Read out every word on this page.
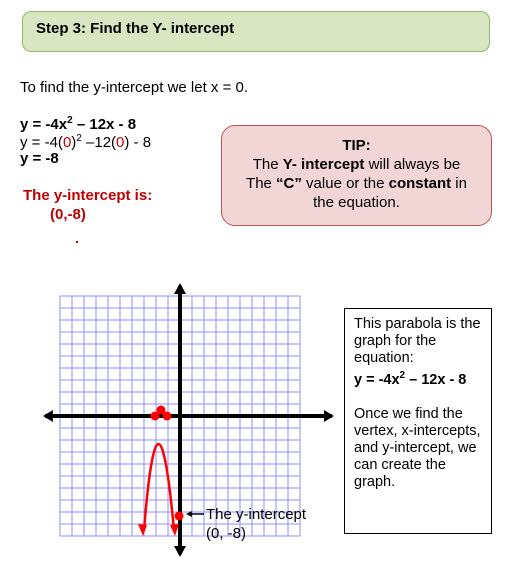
Step 3: Find the Y- intercept
To find the y-intercept we let x = 0.
$y = -4x^2 - 12x - 8$
$y = -4(0)^2$ –12(0) - 8
y = -8
The y-intercept is:
(0,-8)
TIP:
The Y- intercept will always be
The “C” value or the constant in
the equation.
The y-intercept
(0, -8)

This parabola is the graph for the equation:

$y = -4x^2 - 12x - 8$

Once we find the vertex, x-intercepts, and y-intercept, we can create the graph.
